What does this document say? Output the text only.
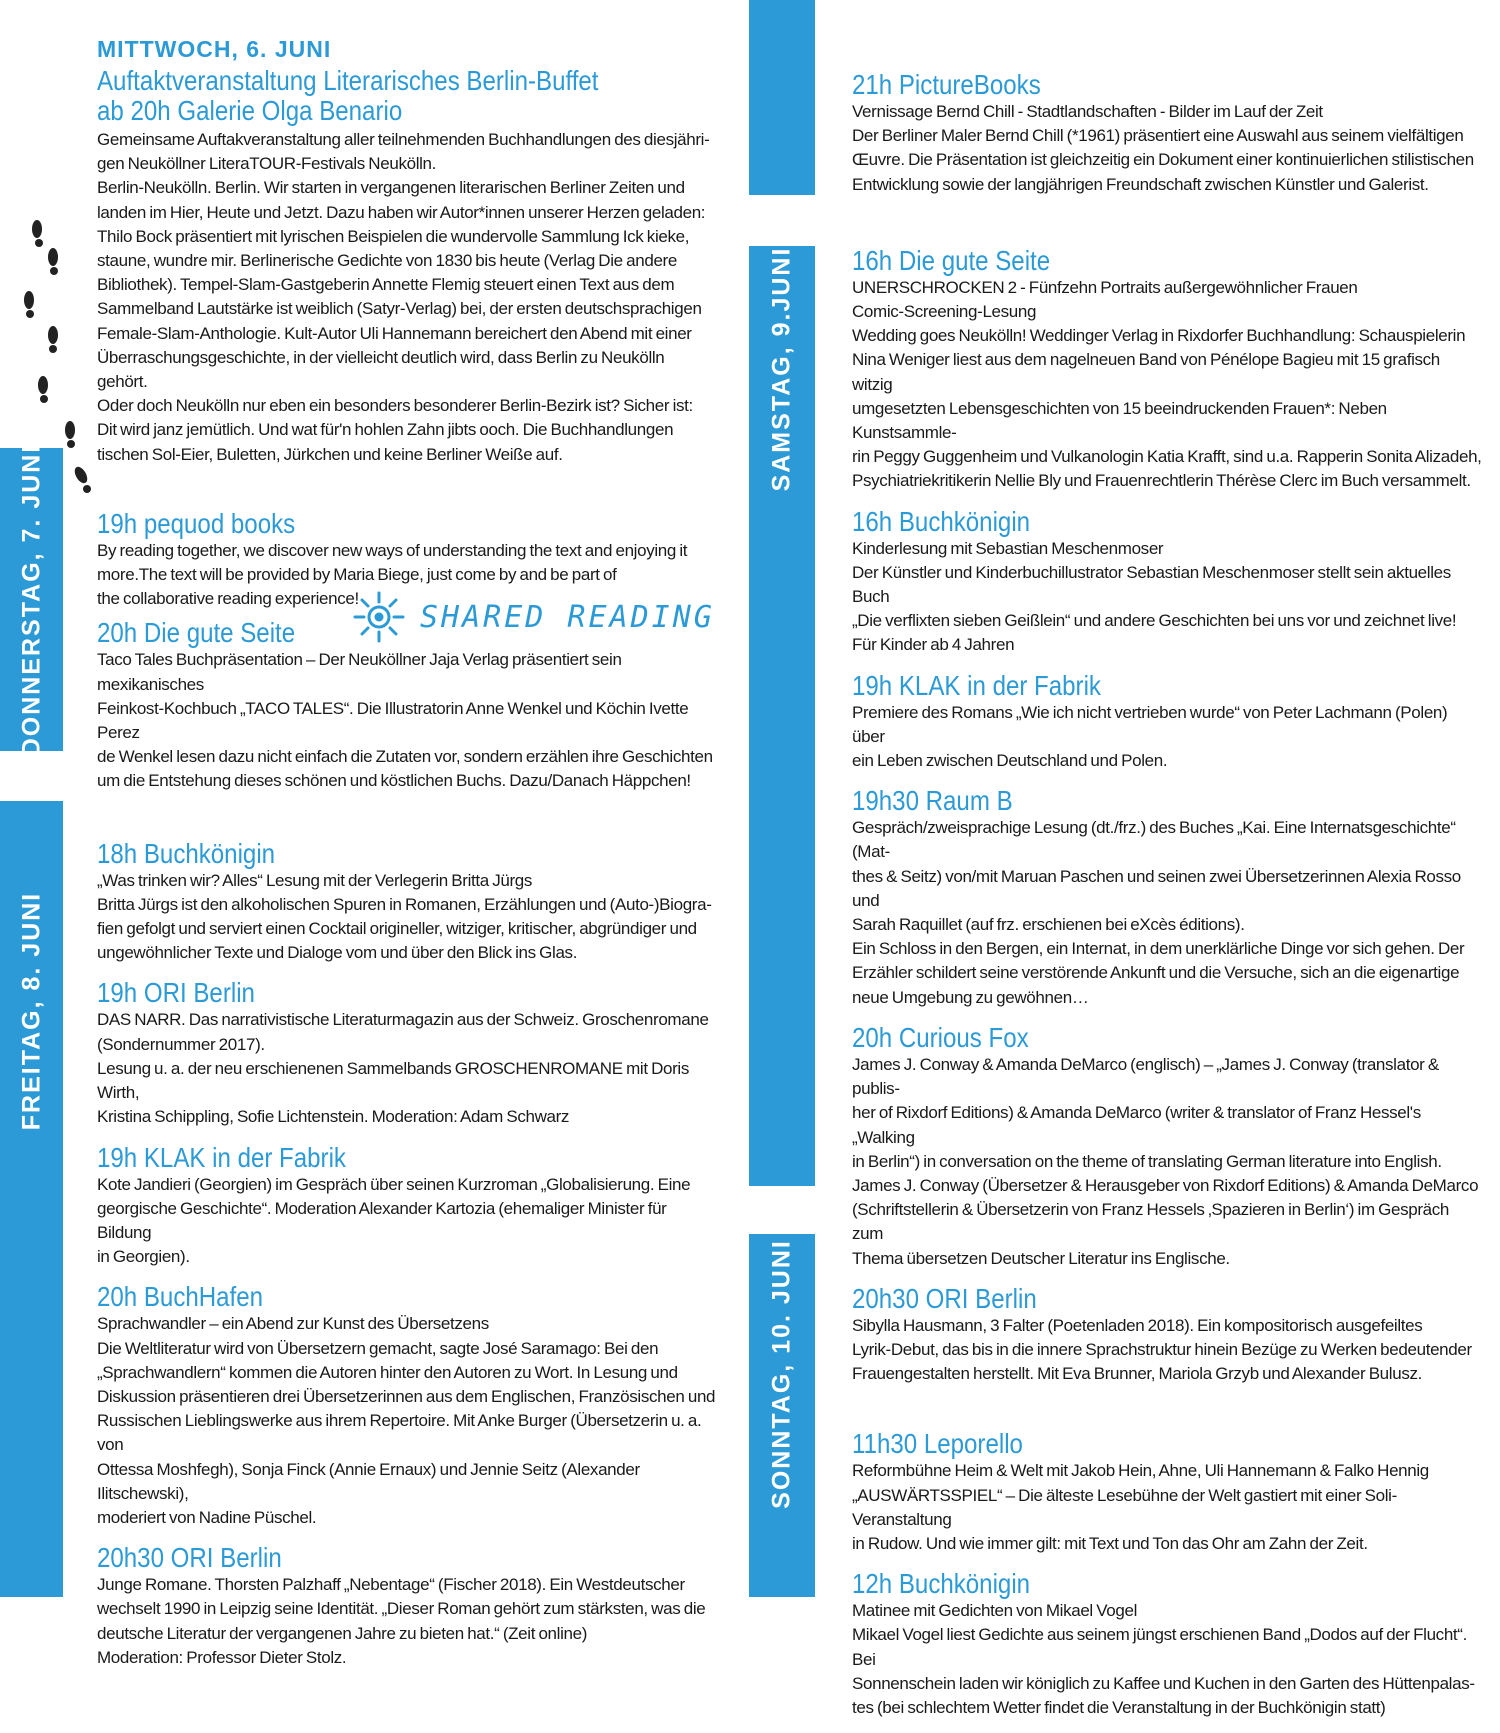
DONNERSTAG, 7. JUNI
FREITAG, 8. JUNI
SAMSTAG, 9.JUNI
SONNTAG, 10. JUNI
MITTWOCH, 6. JUNI
Auftaktveranstaltung Literarisches Berlin-Buffet
ab 20h Galerie Olga Benario

Gemeinsame Auftakveranstaltung aller teilnehmenden Buchhandlungen des diesjähri-

gen Neuköllner LiteraTOUR-Festivals Neukölln.

Berlin-Neukölln. Berlin. Wir starten in vergangenen literarischen Berliner Zeiten und

landen im Hier, Heute und Jetzt. Dazu haben wir Autor*innen unserer Herzen geladen:

Thilo Bock präsentiert mit lyrischen Beispielen die wundervolle Sammlung Ick kieke,

staune, wundre mir. Berlinerische Gedichte von 1830 bis heute (Verlag Die andere

Bibliothek). Tempel-Slam-Gastgeberin Annette Flemig steuert einen Text aus dem

Sammelband Lautstärke ist weiblich (Satyr-Verlag) bei, der ersten deutschsprachigen

Female-Slam-Anthologie. Kult-Autor Uli Hannemann bereichert den Abend mit einer

Überraschungsgeschichte, in der vielleicht deutlich wird, dass Berlin zu Neukölln gehört.

Oder doch Neukölln nur eben ein besonders besonderer Berlin-Bezirk ist? Sicher ist:

Dit wird janz jemütlich. Und wat für'n hohlen Zahn jibts ooch. Die Buchhandlungen

tischen Sol-Eier, Buletten, Jürkchen und keine Berliner Weiße auf.

19h pequod books

By reading together, we discover new ways of understanding the text and enjoying it

more.The text will be provided by Maria Biege, just come by and be part of

the collaborative reading experience!

20h Die gute Seite

Taco Tales Buchpräsentation – Der Neuköllner Jaja Verlag präsentiert sein mexikanisches

Feinkost-Kochbuch „TACO TALES“. Die Illustratorin Anne Wenkel und Köchin Ivette Perez

de Wenkel lesen dazu nicht einfach die Zutaten vor, sondern erzählen ihre Geschichten

um die Entstehung dieses schönen und köstlichen Buchs. Dazu/Danach Häppchen!

18h Buchkönigin

„Was trinken wir? Alles“ Lesung mit der Verlegerin Britta Jürgs

Britta Jürgs ist den alkoholischen Spuren in Romanen, Erzählungen und (Auto-)Biogra-

fien gefolgt und serviert einen Cocktail origineller, witziger, kritischer, abgründiger und

ungewöhnlicher Texte und Dialoge vom und über den Blick ins Glas.

19h ORI Berlin

DAS NARR. Das narrativistische Literaturmagazin aus der Schweiz. Groschenromane

(Sondernummer 2017).

Lesung u. a. der neu erschienenen Sammelbands GROSCHENROMANE mit Doris Wirth,

Kristina Schippling, Sofie Lichtenstein. Moderation: Adam Schwarz

19h KLAK in der Fabrik

Kote Jandieri (Georgien) im Gespräch über seinen Kurzroman „Globalisierung. Eine

georgische Geschichte“. Moderation Alexander Kartozia (ehemaliger Minister für Bildung

in Georgien).

20h BuchHafen

Sprachwandler – ein Abend zur Kunst des Übersetzens

Die Weltliteratur wird von Übersetzern gemacht, sagte José Saramago: Bei den

„Sprachwandlern“ kommen die Autoren hinter den Autoren zu Wort. In Lesung und

Diskussion präsentieren drei Übersetzerinnen aus dem Englischen, Französischen und

Russischen Lieblingswerke aus ihrem Repertoire. Mit Anke Burger (Übersetzerin u. a. von

Ottessa Moshfegh), Sonja Finck (Annie Ernaux) und Jennie Seitz (Alexander Ilitschewski),

moderiert von Nadine Püschel.

20h30 ORI Berlin

Junge Romane. Thorsten Palzhaff „Nebentage“ (Fischer 2018). Ein Westdeutscher

wechselt 1990 in Leipzig seine Identität. „Dieser Roman gehört zum stärksten, was die

deutsche Literatur der vergangenen Jahre zu bieten hat.“ (Zeit online)

Moderation: Professor Dieter Stolz.

SHARED READING
21h PictureBooks

Vernissage Bernd Chill - Stadtlandschaften - Bilder im Lauf der Zeit

Der Berliner Maler Bernd Chill (*1961) präsentiert eine Auswahl aus seinem vielfältigen

Œuvre. Die Präsentation ist gleichzeitig ein Dokument einer kontinuierlichen stilistischen

Entwicklung sowie der langjährigen Freundschaft zwischen Künstler und Galerist.

16h Die gute Seite

UNERSCHROCKEN 2 - Fünfzehn Portraits außergewöhnlicher Frauen

Comic-Screening-Lesung

Wedding goes Neukölln! Weddinger Verlag in Rixdorfer Buchhandlung: Schauspielerin

Nina Weniger liest aus dem nagelneuen Band von Pénélope Bagieu mit 15 grafisch witzig

umgesetzten Lebensgeschichten von 15 beeindruckenden Frauen*: Neben Kunstsammle-

rin Peggy Guggenheim und Vulkanologin Katia Krafft, sind u.a. Rapperin Sonita Alizadeh,

Psychiatriekritikerin Nellie Bly und Frauenrechtlerin Thérèse Clerc im Buch versammelt.

16h Buchkönigin

Kinderlesung mit Sebastian Meschenmoser

Der Künstler und Kinderbuchillustrator Sebastian Meschenmoser stellt sein aktuelles Buch

„Die verflixten sieben Geißlein“ und andere Geschichten bei uns vor und zeichnet live!

Für Kinder ab 4 Jahren

19h KLAK in der Fabrik

Premiere des Romans „Wie ich nicht vertrieben wurde“ von Peter Lachmann (Polen) über

ein Leben zwischen Deutschland und Polen.

19h30 Raum B

Gespräch/zweisprachige Lesung (dt./frz.) des Buches „Kai. Eine Internatsgeschichte“ (Mat-

thes & Seitz) von/mit Maruan Paschen und seinen zwei Übersetzerinnen Alexia Rosso und

Sarah Raquillet (auf frz. erschienen bei eXcès éditions).

Ein Schloss in den Bergen, ein Internat, in dem unerklärliche Dinge vor sich gehen. Der

Erzähler schildert seine verstörende Ankunft und die Versuche, sich an die eigenartige

neue Umgebung zu gewöhnen…

20h Curious Fox

James J. Conway & Amanda DeMarco (englisch) – „James J. Conway (translator & publis-

her of Rixdorf Editions) & Amanda DeMarco (writer & translator of Franz Hessel's „Walking

in Berlin“) in conversation on the theme of translating German literature into English.

James J. Conway (Übersetzer & Herausgeber von Rixdorf Editions) & Amanda DeMarco

(Schriftstellerin & Übersetzerin von Franz Hessels ‚Spazieren in Berlin‘) im Gespräch zum

Thema übersetzen Deutscher Literatur ins Englische.

20h30 ORI Berlin

Sibylla Hausmann, 3 Falter (Poetenladen 2018). Ein kompositorisch ausgefeiltes

Lyrik-Debut, das bis in die innere Sprachstruktur hinein Bezüge zu Werken bedeutender

Frauengestalten herstellt. Mit Eva Brunner, Mariola Grzyb und Alexander Bulusz.

11h30 Leporello

Reformbühne Heim & Welt mit Jakob Hein, Ahne, Uli Hannemann & Falko Hennig

„AUSWÄRTSSPIEL“ – Die älteste Lesebühne der Welt gastiert mit einer Soli-Veranstaltung

in Rudow. Und wie immer gilt: mit Text und Ton das Ohr am Zahn der Zeit.

12h Buchkönigin

Matinee mit Gedichten von Mikael Vogel

Mikael Vogel liest Gedichte aus seinem jüngst erschienen Band „Dodos auf der Flucht“. Bei

Sonnenschein laden wir königlich zu Kaffee und Kuchen in den Garten des Hüttenpalas-

tes (bei schlechtem Wetter findet die Veranstaltung in der Buchkönigin statt)
